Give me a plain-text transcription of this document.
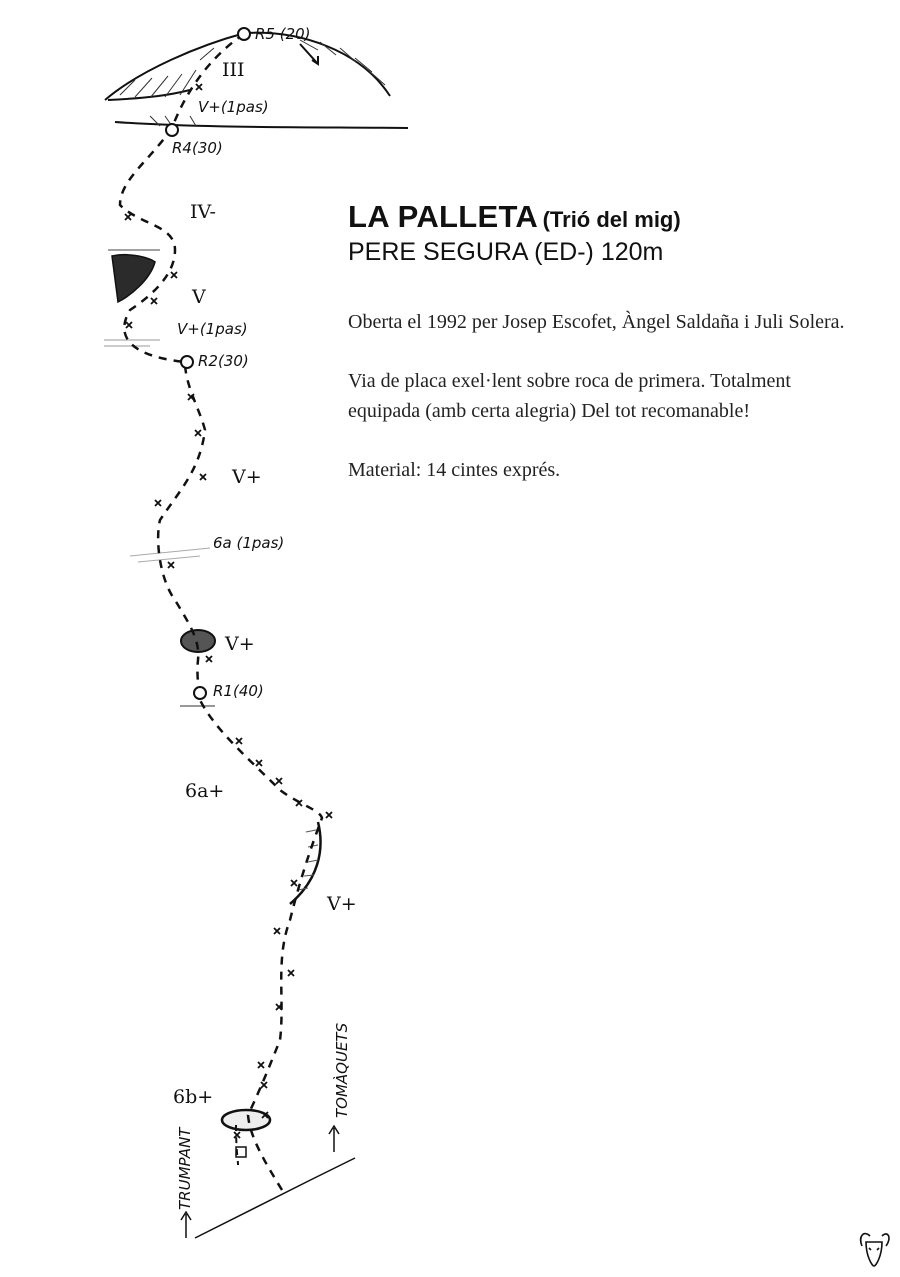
R5 (20)
R4(30)
R2(30)
R1(40)
III
V+(1pas)
IV-
V
V+(1pas)
V+
6a (1pas)
V+
6a+
V+
6b+	TOMÀQUETS
TRUMPANT

LA PALLETA (Trió del mig)

PERE SEGURA (ED-) 120m

Oberta el 1992 per Josep Escofet, Àngel Saldaña i Juli Solera.

Via de placa exel·lent sobre roca de primera. Totalment equipada (amb certa alegria) Del tot recomanable!

Material: 14 cintes exprés.
